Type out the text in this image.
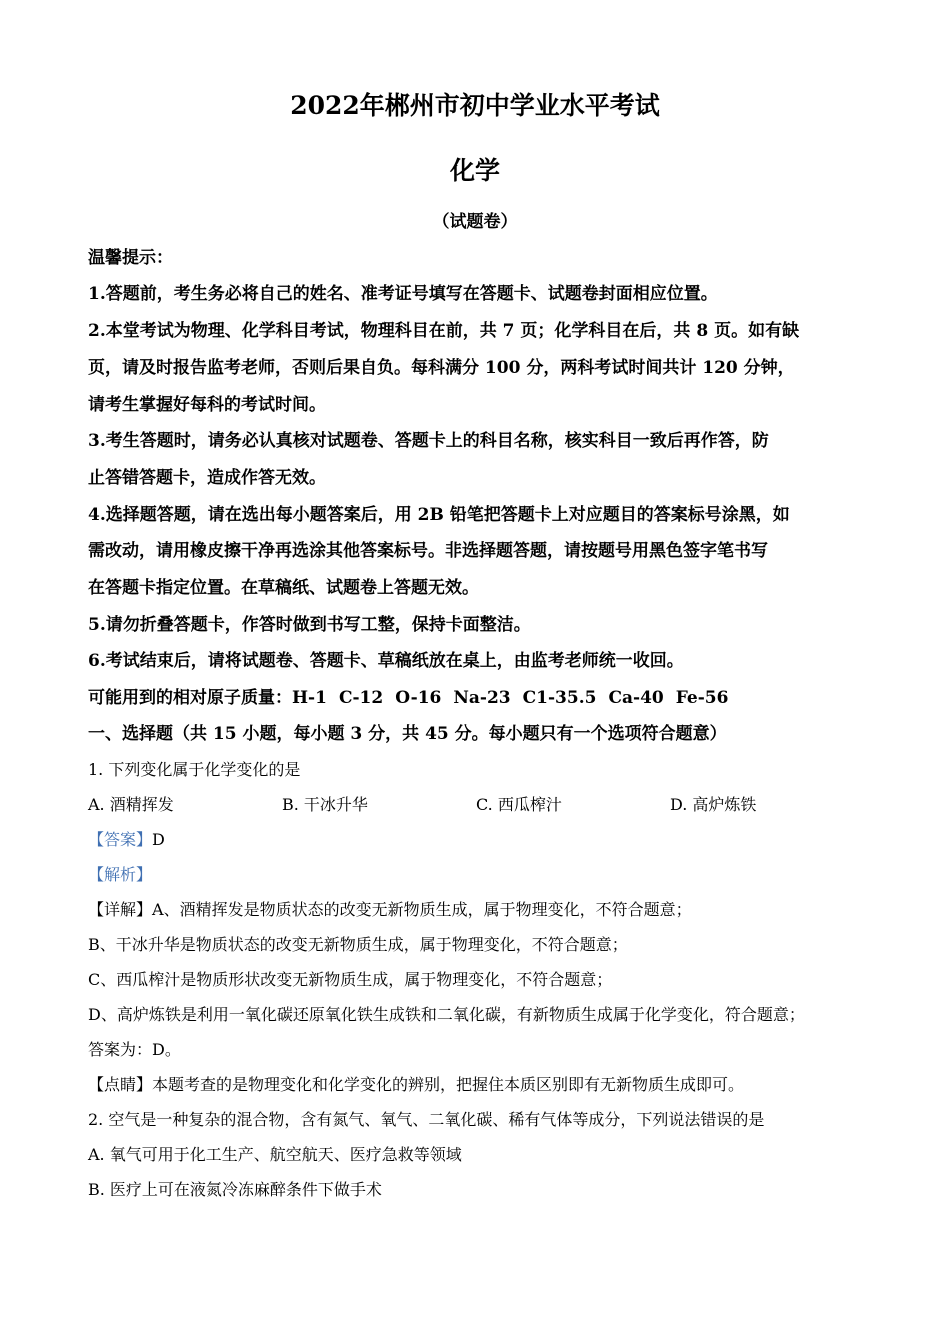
2022年郴州市初中学业水平考试
化学
（试题卷）
温馨提示：
1.答题前，考生务必将自己的姓名、准考证号填写在答题卡、试题卷封面相应位置。
2.本堂考试为物理、化学科目考试，物理科目在前，共 7 页；化学科目在后，共 8 页。如有缺
页，请及时报告监考老师，否则后果自负。每科满分 100 分，两科考试时间共计 120 分钟，
请考生掌握好每科的考试时间。
3.考生答题时，请务必认真核对试题卷、答题卡上的科目名称，核实科目一致后再作答，防
止答错答题卡，造成作答无效。
4.选择题答题，请在选出每小题答案后，用 2B 铅笔把答题卡上对应题目的答案标号涂黑，如
需改动，请用橡皮擦干净再选涂其他答案标号。非选择题答题，请按题号用黑色签字笔书写
在答题卡指定位置。在草稿纸、试题卷上答题无效。
5.请勿折叠答题卡，作答时做到书写工整，保持卡面整洁。
6.考试结束后，请将试题卷、答题卡、草稿纸放在桌上，由监考老师统一收回。
可能用到的相对原子质量：H-1 C-12 O-16 Na-23 C1-35.5 Ca-40 Fe-56
一、选择题（共 15 小题，每小题 3 分，共 45 分。每小题只有一个选项符合题意）
1. 下列变化属于化学变化的是
A. 酒精挥发	B. 干冰升华	C. 西瓜榨汁	D. 高炉炼铁
【答案】D
【解析】
【详解】A、酒精挥发是物质状态的改变无新物质生成，属于物理变化，不符合题意；
B、干冰升华是物质状态的改变无新物质生成，属于物理变化，不符合题意；
C、西瓜榨汁是物质形状改变无新物质生成，属于物理变化，不符合题意；
D、高炉炼铁是利用一氧化碳还原氧化铁生成铁和二氧化碳，有新物质生成属于化学变化，符合题意；
答案为：D。
【点睛】本题考查的是物理变化和化学变化的辨别，把握住本质区别即有无新物质生成即可。
2. 空气是一种复杂的混合物，含有氮气、氧气、二氧化碳、稀有气体等成分，下列说法错误的是
A. 氧气可用于化工生产、航空航天、医疗急救等领域
B. 医疗上可在液氮冷冻麻醉条件下做手术
